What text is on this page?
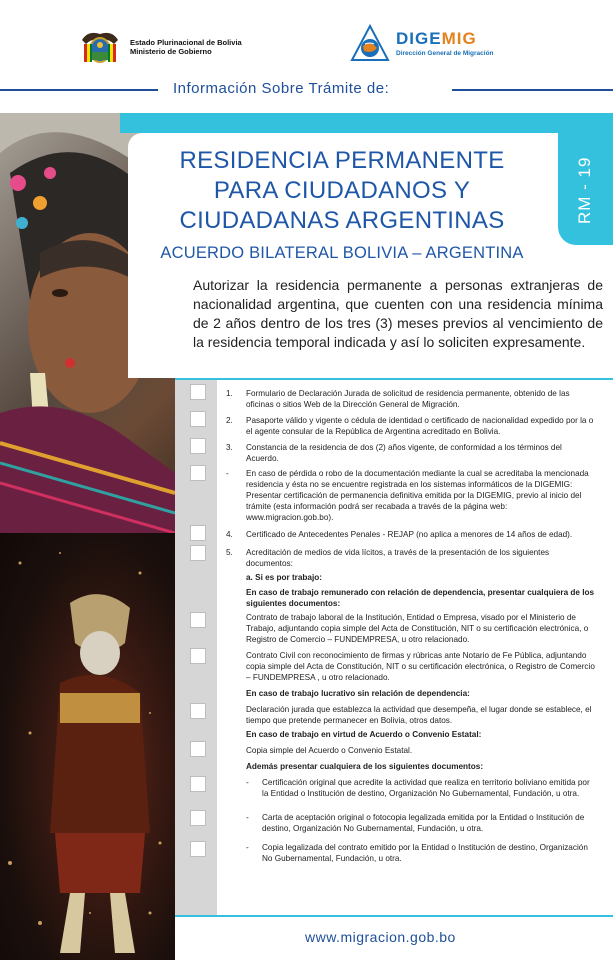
Estado Plurinacional de Bolivia
Ministerio de Gobierno
DIGEMIG
Dirección General de Migración
Información Sobre Trámite de:
RM - 19
RESIDENCIA PERMANENTE
PARA CIUDADANOS Y
CIUDADANAS ARGENTINAS
ACUERDO BILATERAL BOLIVIA – ARGENTINA
Autorizar la residencia permanente a personas extranjeras de nacionalidad argentina, que cuenten con una residencia mínima de 2 años dentro de los tres (3) meses previos al vencimiento de la residencia temporal indicada y así lo soliciten expresamente.
1. Formulario de Declaración Jurada de solicitud de residencia permanente, obtenido de las oficinas o sitios Web de la Dirección General de Migración.
2. Pasaporte válido y vigente o cédula de identidad o certificado de nacionalidad expedido por la o el agente consular de la República de Argentina acreditado en Bolivia.
3. Constancia de la residencia de dos (2) años vigente, de conformidad a los términos del Acuerdo.
- En caso de pérdida o robo de la documentación mediante la cual se acreditaba la mencionada residencia y ésta no se encuentre registrada en los sistemas informáticos de la DIGEMIG: Presentar certificación de permanencia definitiva emitida por la DIGEMIG, previo al inicio del trámite (esta información podrá ser recabada a través de la página web: www.migracion.gob.bo).
4. Certificado de Antecedentes Penales - REJAP (no aplica a menores de 14 años de edad).
5. Acreditación de medios de vida lícitos, a través de la presentación de los siguientes documentos:
a. Si es por trabajo:
En caso de trabajo remunerado con relación de dependencia, presentar cualquiera de los siguientes documentos:
Contrato de trabajo laboral de la Institución, Entidad o Empresa, visado por el Ministerio de Trabajo, adjuntando copia simple del Acta de Constitución, NIT o su certificación electrónica, o Registro de Comercio – FUNDEMPRESA, u otro relacionado.
Contrato Civil con reconocimiento de firmas y rúbricas ante Notario de Fe Pública, adjuntando copia simple del Acta de Constitución, NIT o su certificación electrónica, o Registro de Comercio – FUNDEMPRESA , u otro relacionado.
En caso de trabajo lucrativo sin relación de dependencia:
Declaración jurada que establezca la actividad que desempeña, el lugar donde se establece, el tiempo que pretende permanecer en Bolivia, otros datos.
En caso de trabajo en virtud de Acuerdo o Convenio Estatal:
Copia simple del Acuerdo o Convenio Estatal.
Además presentar cualquiera de los siguientes documentos:
- Certificación original que acredite la actividad que realiza en territorio boliviano emitida por la Entidad o Institución de destino, Organización No Gubernamental, Fundación, u otra.
- Carta de aceptación original o fotocopia legalizada emitida por la Entidad o Institución de destino, Organización No Gubernamental, Fundación, u otra.
- Copia legalizada del contrato emitido por la Entidad o Institución de destino, Organización No Gubernamental, Fundación, u otra.
www.migracion.gob.bo
